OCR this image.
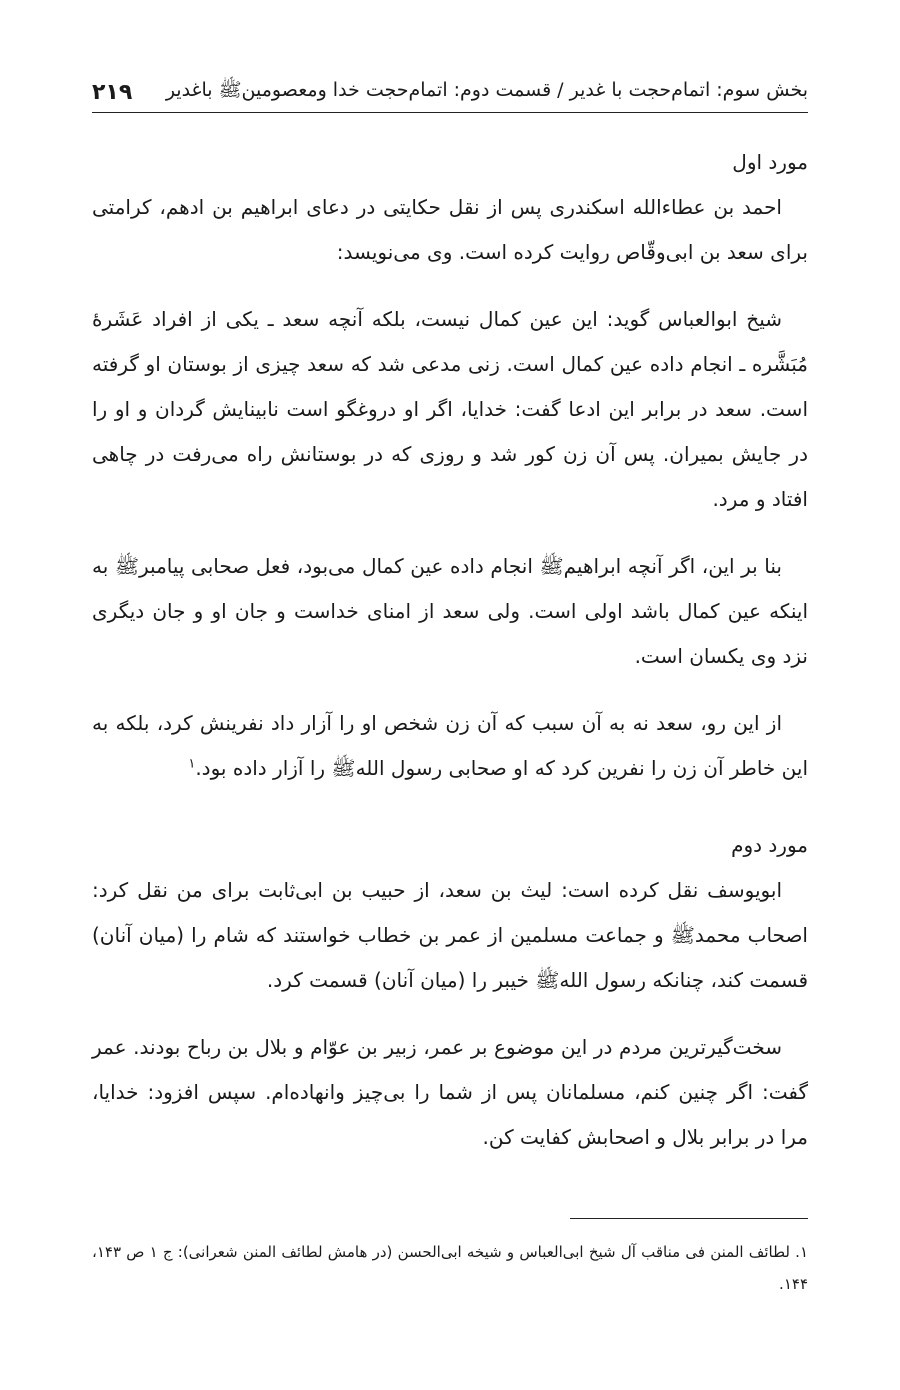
بخش سوم: اتمام‌حجت با غدیر / قسمت دوم: اتمام‌حجت خدا ومعصومین‌ﷺ باغدیر
۲۱۹

مورد اول

احمد بن عطاءالله اسکندری پس از نقل حکایتی در دعای ابراهیم بن ادهم، کرامتی برای سعد بن ابی‌وقّاص روایت کرده است. وی می‌نویسد:

شیخ ابوالعباس گوید: این عین کمال نیست، بلکه آنچه سعد ـ یکی از افراد عَشَرۀ مُبَشَّره ـ انجام داده عین کمال است. زنی مدعی شد که سعد چیزی از بوستان او گرفته است. سعد در برابر این ادعا گفت: خدایا، اگر او دروغگو است نابینایش گردان و او را در جایش بمیران. پس آن زن کور شد و روزی که در بوستانش راه می‌رفت در چاهی افتاد و مرد.

بنا بر این، اگر آنچه ابراهیم‌ﷺ انجام داده عین کمال می‌بود، فعل صحابی پیامبرﷺ به اینکه عین کمال باشد اولی است. ولی سعد از امنای خداست و جان او و جان دیگری نزد وی یکسان است.

از این رو، سعد نه به آن سبب که آن زن شخص او را آزار داد نفرینش کرد، بلکه به این خاطر آن زن را نفرین کرد که او صحابی رسول اللهﷺ را آزار داده بود.$^۱$

مورد دوم

ابویوسف نقل کرده است: لیث بن سعد، از حبیب بن ابی‌ثابت برای من نقل کرد: اصحاب محمدﷺ و جماعت مسلمین از عمر بن خطاب خواستند که شام را (میان آنان) قسمت کند، چنانکه رسول اللهﷺ خیبر را (میان آنان) قسمت کرد.

سخت‌گیرترین مردم در این موضوع بر عمر، زبیر بن عوّام و بلال بن رباح بودند. عمر گفت: اگر چنین کنم، مسلمانان پس از شما را بی‌چیز وانهاده‌ام. سپس افزود: خدایا، مرا در برابر بلال و اصحابش کفایت کن.

۱. لطائف المنن فی مناقب آل شیخ ابی‌العباس و شیخه ابی‌الحسن (در هامش لطائف المنن شعرانی): ج ۱ ص ۱۴۳، ۱۴۴.
